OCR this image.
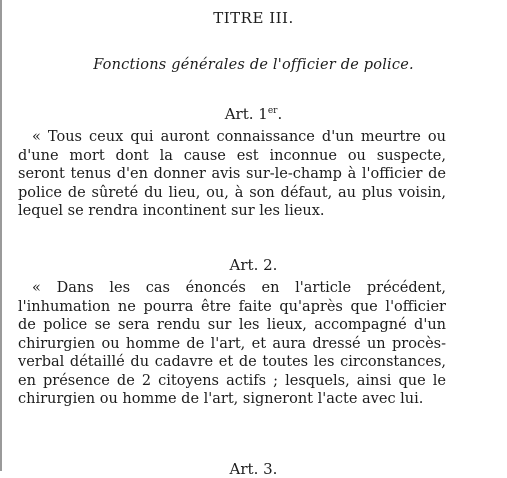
TITRE III.
Fonctions générales de l'officier de police.
Art. 1er.

« Tous ceux qui auront connaissance d'un meurtre ou d'une mort dont la cause est inconnue ou suspecte, seront tenus d'en donner avis sur-le-champ à l'officier de police de sûreté du lieu, ou, à son défaut, au plus voisin, lequel se rendra incontinent sur les lieux.

Art. 2.

« Dans les cas énoncés en l'article précédent, l'inhumation ne pourra être faite qu'après que l'officier de police se sera rendu sur les lieux, accompagné d'un chirurgien ou homme de l'art, et aura dressé un procès-verbal détaillé du cadavre et de toutes les circonstances, en présence de 2 citoyens actifs ; lesquels, ainsi que le chirurgien ou homme de l'art, signeront l'acte avec lui.

Art. 3.
